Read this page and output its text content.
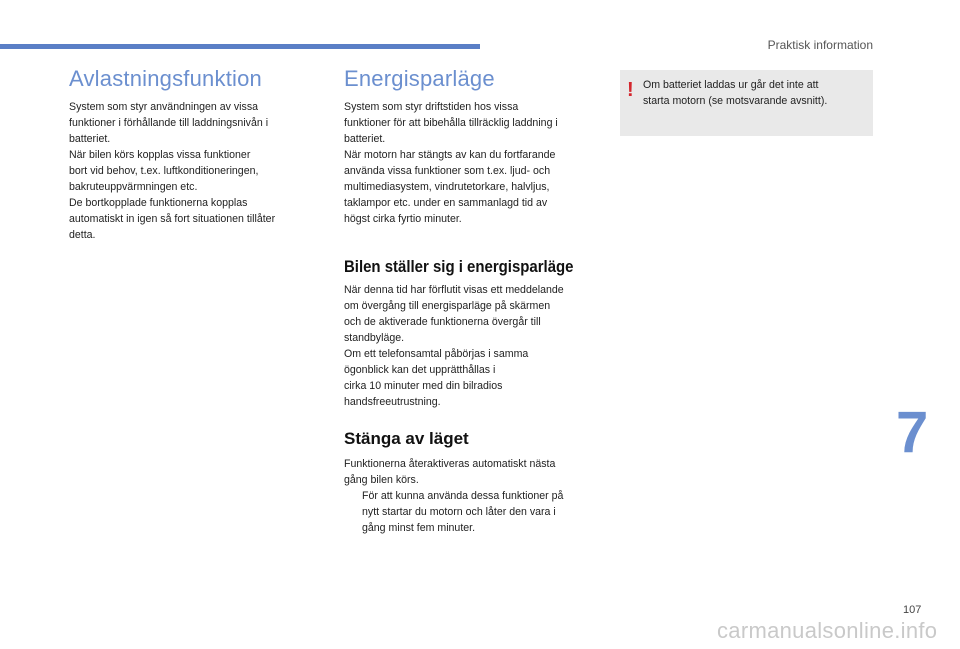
Praktisk information
Avlastningsfunktion

System som styr användningen av vissa
funktioner i förhållande till laddningsnivån i
batteriet.
När bilen körs kopplas vissa funktioner
bort vid behov, t.ex. luftkonditioneringen,
bakruteuppvärmningen etc.
De bortkopplade funktionerna kopplas
automatiskt in igen så fort situationen tillåter
detta.

Energisparläge

System som styr driftstiden hos vissa
funktioner för att bibehålla tillräcklig laddning i
batteriet.
När motorn har stängts av kan du fortfarande
använda vissa funktioner som t.ex. ljud- och
multimediasystem, vindrutetorkare, halvljus,
taklampor etc. under en sammanlagd tid av
högst cirka fyrtio minuter.

Bilen ställer sig i energisparläge

När denna tid har förflutit visas ett meddelande
om övergång till energisparläge på skärmen
och de aktiverade funktionerna övergår till
standbyläge.
Om ett telefonsamtal påbörjas i samma
ögonblick kan det upprätthållas i
cirka 10 minuter med din bilradios
handsfreeutrustning.

Stänga av läget

Funktionerna återaktiveras automatiskt nästa
gång bilen körs.

För att kunna använda dessa funktioner på
nytt startar du motorn och låter den vara i
gång minst fem minuter.

! Om batteriet laddas ur går det inte att
starta motorn (se motsvarande avsnitt).

7
107
carmanualsonline.info
